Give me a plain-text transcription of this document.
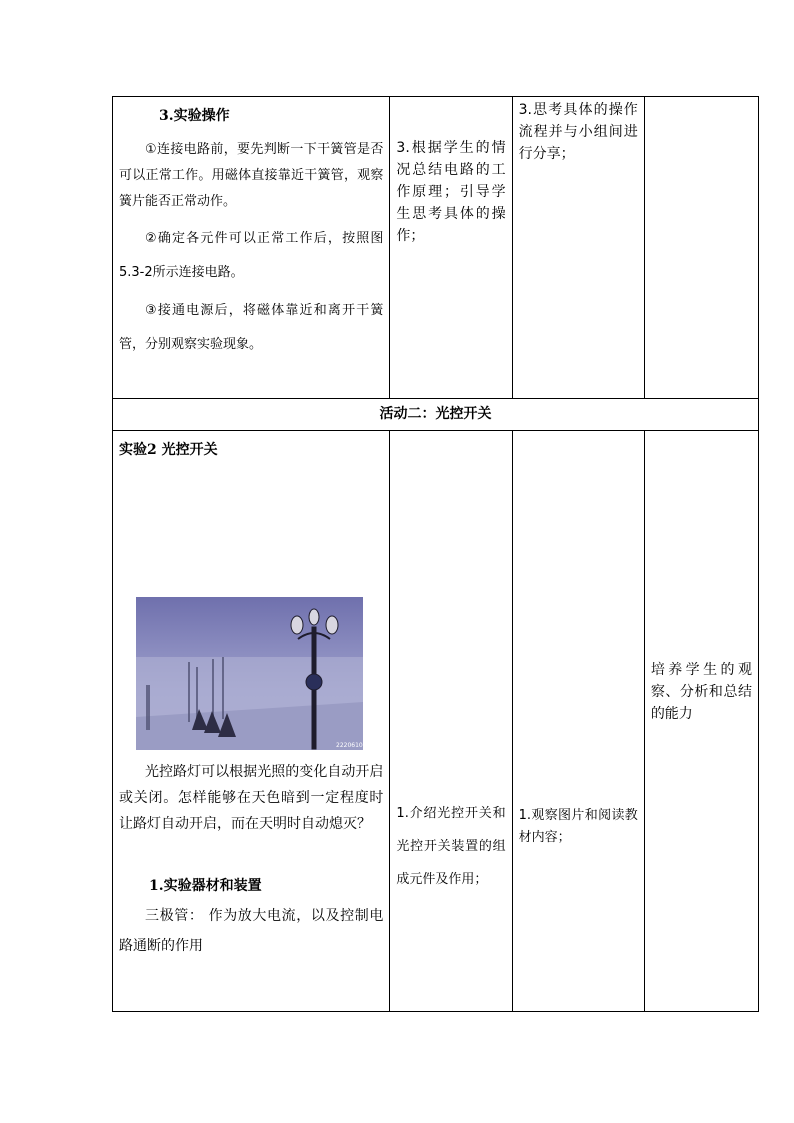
3.实验操作
①连接电路前，要先判断一下干簧管是否可以正常工作。用磁体直接靠近干簧管，观察簧片能否正常动作。
②确定各元件可以正常工作后，按照图5.3-2所示连接电路。
③接通电源后，将磁体靠近和离开干簧管，分别观察实验现象。	3.根据学生的情况总结电路的工作原理；引导学生思考具体的操作；	3.思考具体的操作流程并与小组间进行分享；	

活动二：光控开关			

实验2 光控开关
光控路灯可以根据光照的变化自动开启或关闭。怎样能够在天色暗到一定程度时让路灯自动开启，而在天明时自动熄灭？
1.实验器材和装置
三极管： 作为放大电流，以及控制电路通断的作用	1.介绍光控开关和光控开关装置的组成元件及作用；	1.观察图片和阅读教材内容；	培养学生的观察、分析和总结的能力
22206104
